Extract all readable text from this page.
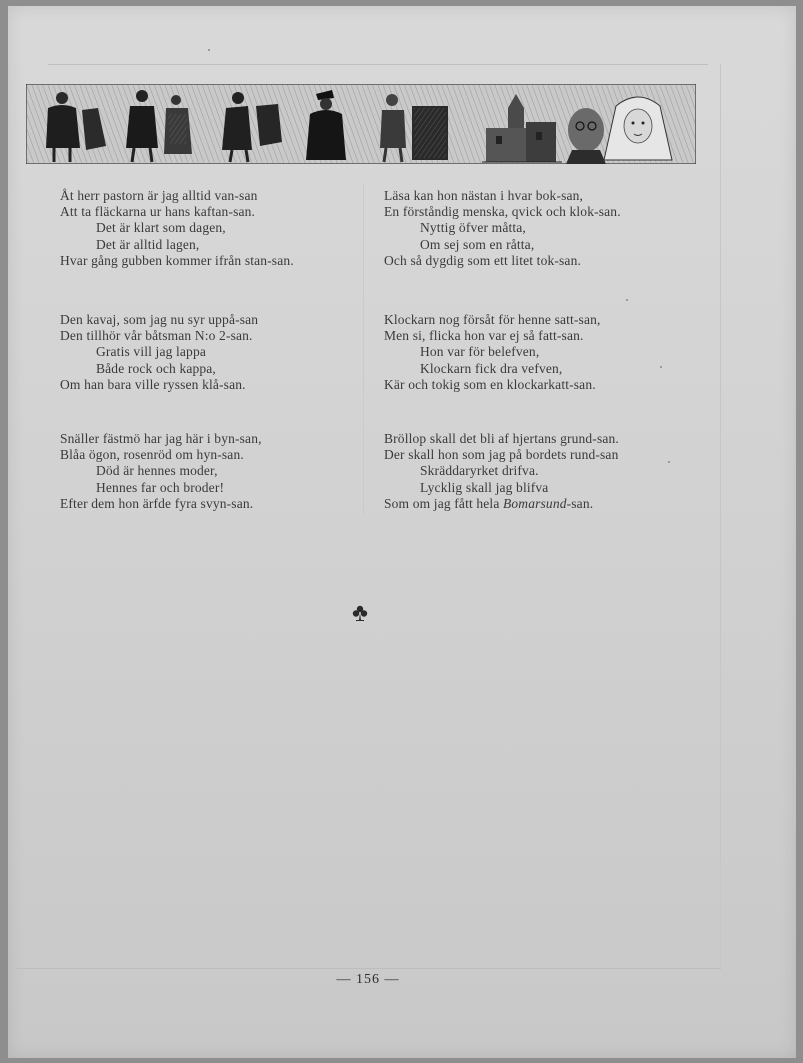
Åt herr pastorn är jag alltid van-san
Att ta fläckarna ur hans kaftan-san.
Det är klart som dagen,
Det är alltid lagen,
Hvar gång gubben kommer ifrån stan-san.
Läsa kan hon nästan i hvar bok-san,
En förståndig menska, qvick och klok-san.
Nyttig öfver måtta,
Om sej som en råtta,
Och så dygdig som ett litet tok-san.
Den kavaj, som jag nu syr uppå-san
Den tillhör vår båtsman N:o 2-san.
Gratis vill jag lappa
Både rock och kappa,
Om han bara ville ryssen klå-san.
Klockarn nog försåt för henne satt-san,
Men si, flicka hon var ej så fatt-san.
Hon var för belefven,
Klockarn fick dra vefven,
Kär och tokig som en klockarkatt-san.
Snäller fästmö har jag här i byn-san,
Blåa ögon, rosenröd om hyn-san.
Död är hennes moder,
Hennes far och broder!
Efter dem hon ärfde fyra svyn-san.
Bröllop skall det bli af hjertans grund-san.
Der skall hon som jag på bordets rund-san
Skräddaryrket drifva.
Lycklig skall jag blifva
Som om jag fått hela Bomarsund-san.
— 156 —
